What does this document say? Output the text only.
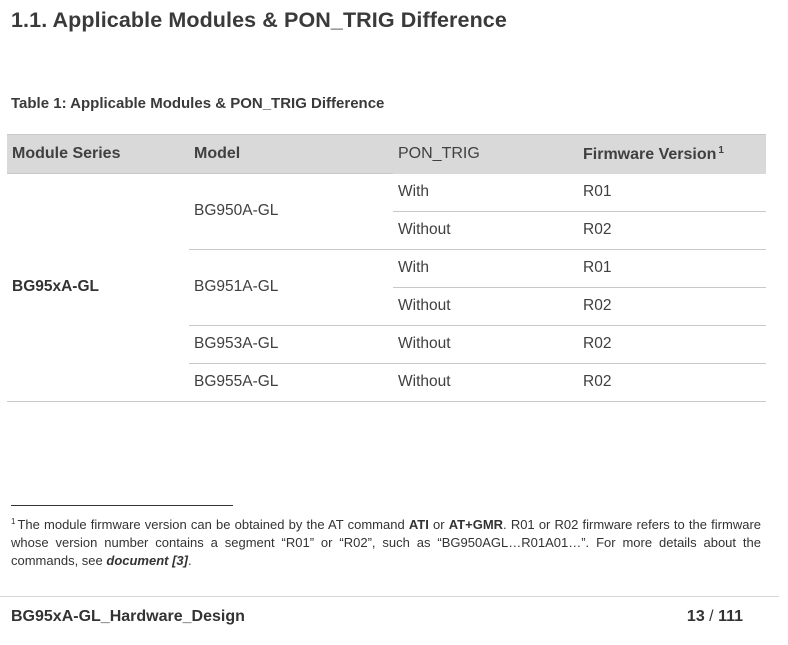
1.1. Applicable Modules & PON_TRIG Difference
Table 1: Applicable Modules & PON_TRIG Difference
Module Series	Model	PON_TRIG	Firmware Version $^1$
BG95xA-GL	BG950A-GL	With	R01
		Without	R02
	BG951A-GL	With	R01
		Without	R02
	BG953A-GL	Without	R02
	BG955A-GL	Without	R02
$^1$ The module firmware version can be obtained by the AT command ATI or AT+GMR. R01 or R02 firmware refers to the firmware whose version number contains a segment “R01” or “R02”, such as “BG950AGL…R01A01…”. For more details about the commands, see document [3].
BG95xA-GL_Hardware_Design	13 / 111
